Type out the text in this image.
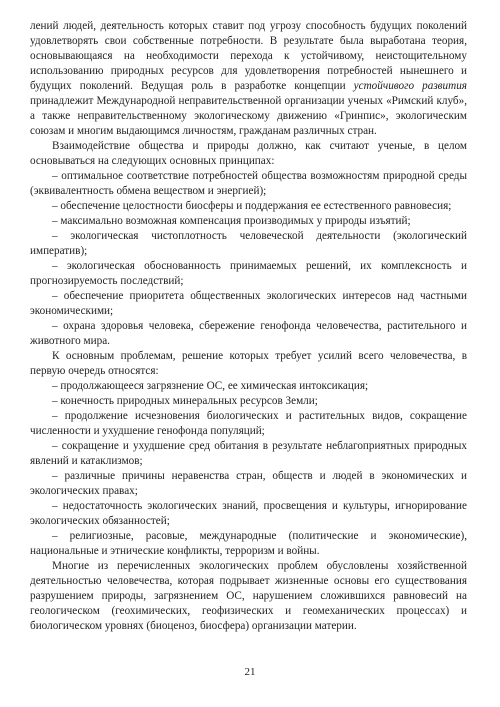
лений людей, деятельность которых ставит под угрозу способность будущих поколений удовлетворять свои собственные потребности. В результате была выработана теория, основывающаяся на необходимости перехода к устойчивому, неистощительному использованию природных ресурсов для удовлетворения потребностей нынешнего и будущих поколений. Ведущая роль в разработке концепции устойчивого развития принадлежит Международной неправительственной организации ученых «Римский клуб», а также неправительственному экологическому движению «Гринпис», экологическим союзам и многим выдающимся личностям, гражданам различных стран.

Взаимодействие общества и природы должно, как считают ученые, в целом основываться на следующих основных принципах:

– оптимальное соответствие потребностей общества возможностям природной среды (эквивалентность обмена веществом и энергией);

– обеспечение целостности биосферы и поддержания ее естественного равновесия;

– максимально возможная компенсация производимых у природы изъятий;

– экологическая чистоплотность человеческой деятельности (экологический императив);

– экологическая обоснованность принимаемых решений, их комплексность и прогнозируемость последствий;

– обеспечение приоритета общественных экологических интересов над частными экономическими;

– охрана здоровья человека, сбережение генофонда человечества, растительного и животного мира.

К основным проблемам, решение которых требует усилий всего человечества, в первую очередь относятся:

– продолжающееся загрязнение ОС, ее химическая интоксикация;

– конечность природных минеральных ресурсов Земли;

– продолжение исчезновения биологических и растительных видов, сокращение численности и ухудшение генофонда популяций;

– сокращение и ухудшение сред обитания в результате неблагоприятных природных явлений и катаклизмов;

– различные причины неравенства стран, обществ и людей в экономических и экологических правах;

– недостаточность экологических знаний, просвещения и культуры, игнорирование экологических обязанностей;

– религиозные, расовые, международные (политические и экономические), национальные и этнические конфликты, терроризм и войны.

Многие из перечисленных экологических проблем обусловлены хозяйственной деятельностью человечества, которая подрывает жизненные основы его существования разрушением природы, загрязнением ОС, нарушением сложившихся равновесий на геологическом (геохимических, геофизических и геомеханических процессах) и биологическом уровнях (биоценоз, биосфера) организации материи.

21
